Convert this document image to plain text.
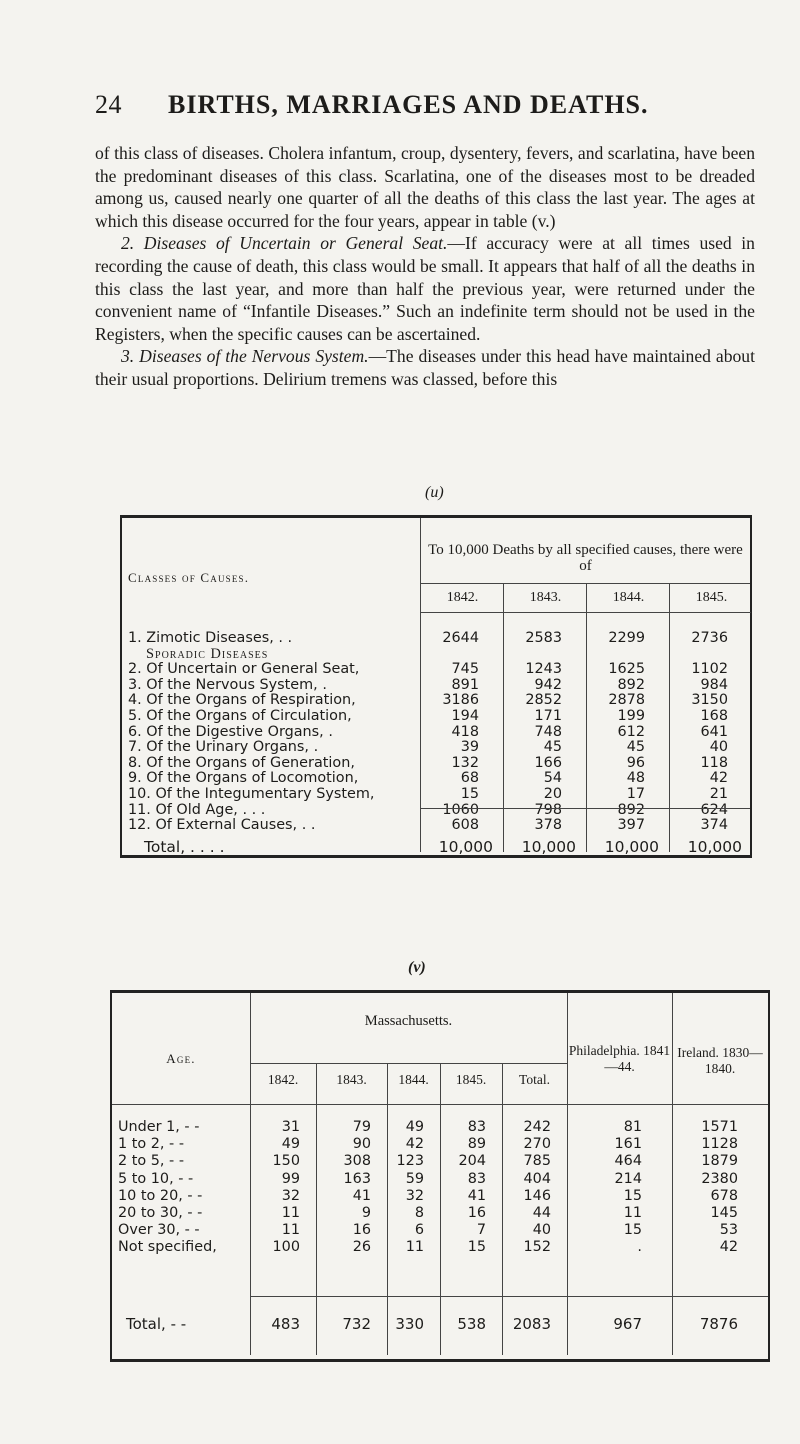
24 BIRTHS, MARRIAGES AND DEATHS.

of this class of diseases. Cholera infantum, croup, dysentery, fevers, and scarlatina, have been the predominant diseases of this class. Scarlatina, one of the diseases most to be dreaded among us, caused nearly one quarter of all the deaths of this class the last year. The ages at which this disease occurred for the four years, appear in table (v.)

2. Diseases of Uncertain or General Seat.—If accuracy were at all times used in recording the cause of death, this class would be small. It appears that half of all the deaths in this class the last year, and more than half the previous year, were returned under the convenient name of “Infantile Diseases.” Such an indefinite term should not be used in the Registers, when the specific causes can be ascertained.

3. Diseases of the Nervous System.—The diseases under this head have maintained about their usual proportions. Delirium tremens was classed, before this

(u)
Classes of Causes.
To 10,000 Deaths by all specified causes, there were of
1842.	1843.	1844.	1845.
1. Zimotic Diseases, . .	2644	2583	2299	2736
Sporadic Diseases
2. Of Uncertain or General Seat,	745	1243	1625	1102
3. Of the Nervous System, .	891	942	892	984
4. Of the Organs of Respiration,	3186	2852	2878	3150
5. Of the Organs of Circulation,	194	171	199	168
6. Of the Digestive Organs, .	418	748	612	641
7. Of the Urinary Organs, .	39	45	45	40
8. Of the Organs of Generation,	132	166	96	118
9. Of the Organs of Locomotion,	68	54	48	42
10. Of the Integumentary System,	15	20	17	21
11. Of Old Age, . . .	1060	798	892	624
12. Of External Causes, . .	608	378	397	374
Total, . . . .	10,000	10,000	10,000	10,000
(v)
Age.
Massachusetts.
1842.	1843.	1844.	1845.	Total.
Philadelphia. 1841—44.
Ireland. 1830—1840.
Under 1, - -	31	79	49	83	242	81	1571
1 to 2, - -	49	90	42	89	270	161	1128
2 to 5, - -	150	308	123	204	785	464	1879
5 to 10, - -	99	163	59	83	404	214	2380
10 to 20, - -	32	41	32	41	146	15	678
20 to 30, - -	11	9	8	16	44	11	145
Over 30, - -	11	16	6	7	40	15	53
Not specified,	100	26	11	15	152	.	42
Total, - -	483	732	330	538	2083	967	7876
